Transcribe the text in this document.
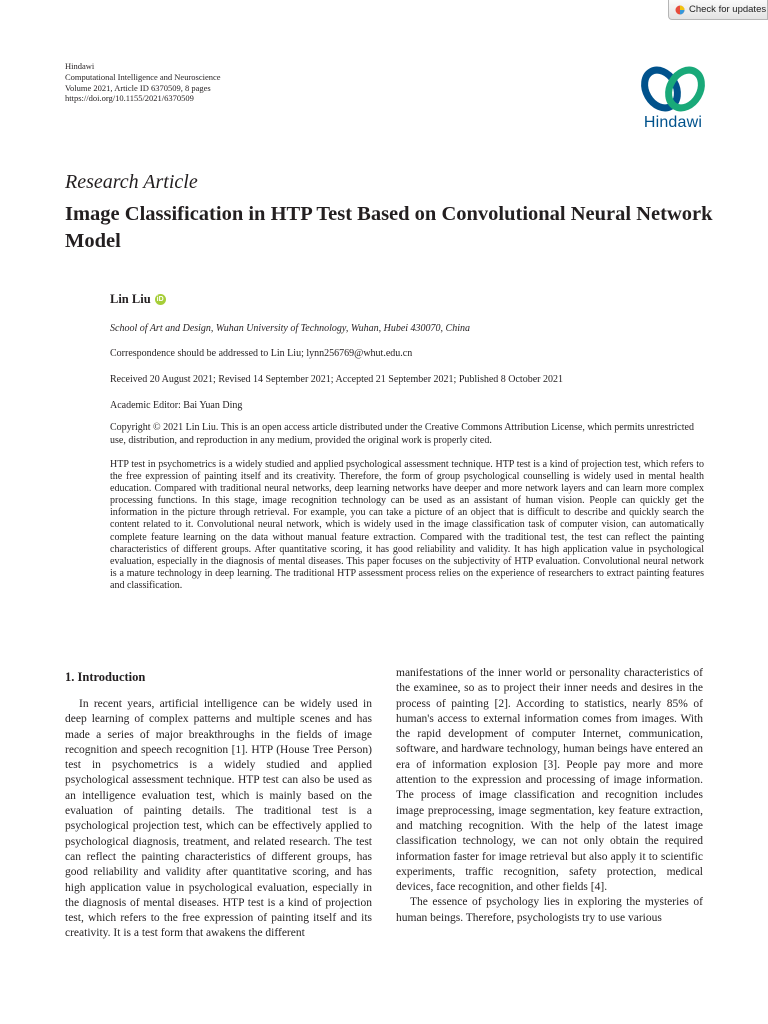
Check for updates
Hindawi
Computational Intelligence and Neuroscience
Volume 2021, Article ID 6370509, 8 pages
https://doi.org/10.1155/2021/6370509
Hindawi
Research Article
Image Classification in HTP Test Based on Convolutional Neural Network Model
Lin Liu iD
School of Art and Design, Wuhan University of Technology, Wuhan, Hubei 430070, China
Correspondence should be addressed to Lin Liu; lynn256769@whut.edu.cn
Received 20 August 2021; Revised 14 September 2021; Accepted 21 September 2021; Published 8 October 2021
Academic Editor: Bai Yuan Ding
Copyright © 2021 Lin Liu. This is an open access article distributed under the Creative Commons Attribution License, which permits unrestricted use, distribution, and reproduction in any medium, provided the original work is properly cited.
HTP test in psychometrics is a widely studied and applied psychological assessment technique. HTP test is a kind of projection test, which refers to the free expression of painting itself and its creativity. Therefore, the form of group psychological counselling is widely used in mental health education. Compared with traditional neural networks, deep learning networks have deeper and more network layers and can learn more complex processing functions. In this stage, image recognition technology can be used as an assistant of human vision. People can quickly get the information in the picture through retrieval. For example, you can take a picture of an object that is difficult to describe and quickly search the content related to it. Convolutional neural network, which is widely used in the image classification task of computer vision, can automatically complete feature learning on the data without manual feature extraction. Compared with the traditional test, the test can reflect the painting characteristics of different groups. After quantitative scoring, it has good reliability and validity. It has high application value in psychological evaluation, especially in the diagnosis of mental diseases. This paper focuses on the subjectivity of HTP evaluation. Convolutional neural network is a mature technology in deep learning. The traditional HTP assessment process relies on the experience of researchers to extract painting features and classification.
1. Introduction

In recent years, artificial intelligence can be widely used in deep learning of complex patterns and multiple scenes and has made a series of major breakthroughs in the fields of image recognition and speech recognition [1]. HTP (House Tree Person) test in psychometrics is a widely studied and applied psychological assessment technique. HTP test can also be used as an intelligence evaluation test, which is mainly based on the evaluation of painting details. The traditional test is a psychological projection test, which can be effectively applied to psychological diagnosis, treatment, and related research. The test can reflect the painting characteristics of different groups, has good reliability and validity after quantitative scoring, and has high application value in psychological evaluation, especially in the diagnosis of mental diseases. HTP test is a kind of projection test, which refers to the free expression of painting itself and its creativity. It is a test form that awakens the different

manifestations of the inner world or personality characteristics of the examinee, so as to project their inner needs and desires in the process of painting [2]. According to statistics, nearly 85% of human's access to external information comes from images. With the rapid development of computer Internet, communication, software, and hardware technology, human beings have entered an era of information explosion [3]. People pay more and more attention to the expression and processing of image information. The process of image classification and recognition includes image preprocessing, image segmentation, key feature extraction, and matching recognition. With the help of the latest image classification technology, we can not only obtain the required information faster for image retrieval but also apply it to scientific experiments, traffic recognition, safety protection, medical devices, face recognition, and other fields [4].

The essence of psychology lies in exploring the mysteries of human beings. Therefore, psychologists try to use various
